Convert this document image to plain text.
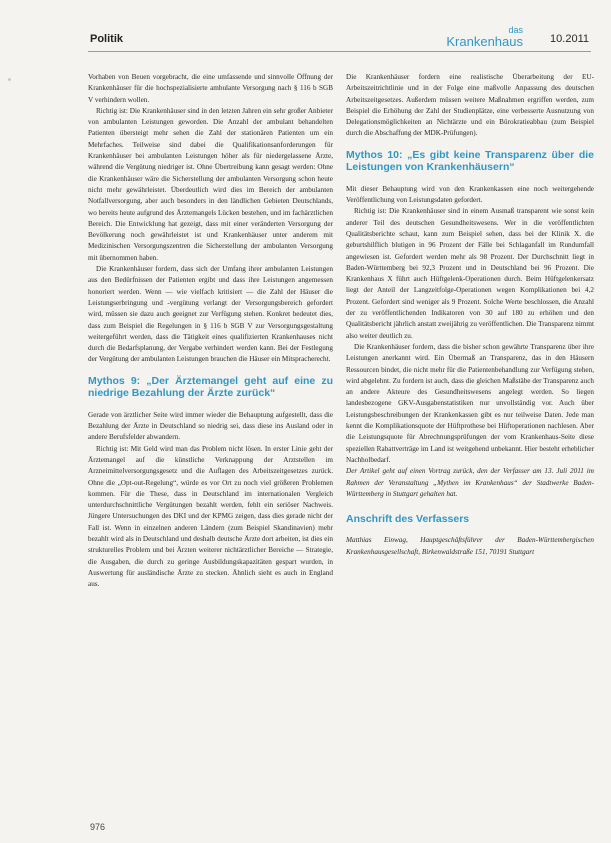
Politik
das
Krankenhaus 10.2011

Vorhaben von Beuen vorgebracht, die eine umfassende und sinnvolle Öffnung der Krankenhäuser für die hochspezialisierte ambulante Versorgung nach § 116 b SGB V verhindern wollen.

Richtig ist: Die Krankenhäuser sind in den letzten Jahren ein sehr großer Anbieter von ambulanten Leistungen geworden. Die Anzahl der ambulant behandelten Patienten übersteigt mehr sehen die Zahl der stationären Patienten um ein Mehrfaches. Teilweise sind dabei die Qualifikationsanforderungen für Krankenhäuser bei ambulanten Leistungen höher als für niedergelassene Ärzte, während die Vergütung niedriger ist. Ohne Übertreibung kann gesagt werden: Ohne die Krankenhäuser wäre die Sicherstellung der ambulanten Versorgung schon heute nicht mehr gewährleistet. Überdeutlich wird dies im Bereich der ambulanten Notfallversorgung, aber auch besonders in den ländlichen Gebieten Deutschlands, wo bereits heute aufgrund des Ärztemangels Lücken bestehen, und im fachärztlichen Bereich. Die Entwicklung hat gezeigt, dass mit einer veränderten Versorgung der Bevölkerung noch gewährleistet ist und Krankenhäuser unter anderem mit Medizinischen Versorgungszentren die Sicherstellung der ambulanten Versorgung mit übernommen haben.

Die Krankenhäuser fordern, dass sich der Umfang ihrer ambulanten Leistungen aus den Bedürfnissen der Patienten ergibt und dass ihre Leistungen angemessen honoriert werden. Wenn — wie vielfach kritisiert — die Zahl der Häuser die Leistungserbringung und -vergütung verlangt der Versorgungsbereich gefordert wird, müssen sie dazu auch geeignet zur Verfügung stehen. Konkret bedeutet dies, dass zum Beispiel die Regelungen in § 116 b SGB V zur Versorgungsgestaltung weitergeführt werden, dass die Tätigkeit eines qualifizierten Krankenhauses nicht durch die Bedarfsplanung, der Vergabe verhindert werden kann. Bei der Festlegung der Vergütung der ambulanten Leistungen brauchen die Häuser ein Mitspracherecht.

Mythos 9: „Der Ärztemangel geht auf eine zu niedrige Bezahlung der Ärzte zurück“

Gerade von ärztlicher Seite wird immer wieder die Behauptung aufgestellt, dass die Bezahlung der Ärzte in Deutschland so niedrig sei, dass diese ins Ausland oder in andere Berufsfelder abwandern.

Richtig ist: Mit Geld wird man das Problem nicht lösen. In erster Linie geht der Ärztemangel auf die künstliche Verknappung der Arztstellen im Arzneimittelversorgungsgesetz und die Auflagen des Arbeitszeitgesetzes zurück. Ohne die „Opt-out-Regelung“, würde es vor Ort zu noch viel größeren Problemen kommen. Für die These, dass in Deutschland im internationalen Vergleich unterdurchschnittliche Vergütungen bezahlt werden, fehlt ein seriöser Nachweis. Jüngere Untersuchungen des DKI und der KPMG zeigen, dass dies gerade nicht der Fall ist. Wenn in einzelnen anderen Ländern (zum Beispiel Skandinavien) mehr bezahlt wird als in Deutschland und deshalb deutsche Ärzte dort arbeiten, ist dies ein strukturelles Problem und bei Ärzten weiterer nichtärztlicher Bereiche — Strategie, die Ausgaben, die durch zu geringe Ausbildungskapazitäten gespart wurden, in Auswertung für ausländische Ärzte zu stecken. Ähnlich sieht es auch in England aus.

Die Krankenhäuser fordern eine realistische Überarbeitung der EU-Arbeitszeitrichtlinie und in der Folge eine maßvolle Anpassung des deutschen Arbeitszeitgesetzes. Außerdem müssen weitere Maßnahmen ergriffen werden, zum Beispiel die Erhöhung der Zahl der Studienplätze, eine verbesserte Ausnutzung von Delegationsmöglichkeiten an Nichtärzte und ein Bürokratieabbau (zum Beispiel durch die Abschaffung der MDK-Prüfungen).

Mythos 10: „Es gibt keine Transparenz über die Leistungen von Krankenhäusern“

Mit dieser Behauptung wird von den Krankenkassen eine noch weitergehende Veröffentlichung von Leistungsdaten gefordert.

Richtig ist: Die Krankenhäuser sind in einem Ausmaß transparent wie sonst kein anderer Teil des deutschen Gesundheitswesens. Wer in die veröffentlichten Qualitätsberichte schaut, kann zum Beispiel sehen, dass bei der Klinik X. die geburtshilflich blutigen in 96 Prozent der Fälle bei Schlaganfall im Rundumfall angewiesen ist. Gefordert werden mehr als 98 Prozent. Der Durchschnitt liegt in Baden-Württemberg bei 92,3 Prozent und in Deutschland bei 96 Prozent. Die Krankenhaus X führt auch Hüftgelenk-Operationen durch. Beim Hüftgelenkersatz liegt der Anteil der Langzeitfolge-Operationen wegen Komplikationen bei 4,2 Prozent. Gefordert sind weniger als 9 Prozent. Solche Werte beschlossen, die Anzahl der zu veröffentlichenden Indikatoren von 30 auf 180 zu erhöhen und den Qualitätsbericht jährlich anstatt zweijährig zu veröffentlichen. Die Transparenz nimmt also weiter deutlich zu.

Die Krankenhäuser fordern, dass die bisher schon gewährte Transparenz über ihre Leistungen anerkannt wird. Ein Übermaß an Transparenz, das in den Häusern Ressourcen bindet, die nicht mehr für die Patientenbehandlung zur Verfügung stehen, wird abgelehnt. Zu fordern ist auch, dass die gleichen Maßstäbe der Transparenz auch an andere Akteure des Gesundheitswesens angelegt werden. So liegen landesbezogene GKV-Ausgabenstatistiken nur unvollständig vor. Auch über Leistungsbeschreibungen der Krankenkassen gibt es nur teilweise Daten. Jede man kennt die Komplikationsquote der Hüftprothese bei Hüftoperationen nachlesen. Aber die Leistungsquote für Abrechnungsprüfungen der vom Krankenhaus-Seite diese speziellen Rabattverträge im Land ist weitgehend unbekannt. Hier besteht erheblicher Nachholbedarf.

Der Artikel geht auf einen Vortrag zurück, den der Verfasser am 13. Juli 2011 im Rahmen der Veranstaltung „Mythen im Krankenhaus“ der Stadtwerke Baden-Württemberg in Stuttgart gehalten hat.

Anschrift des Verfassers

Matthias Einwag, Hauptgeschäftsführer der Baden-Württembergischen Krankenhausgesellschaft, Birkenwaldstraße 151, 70191 Stuttgart

976
